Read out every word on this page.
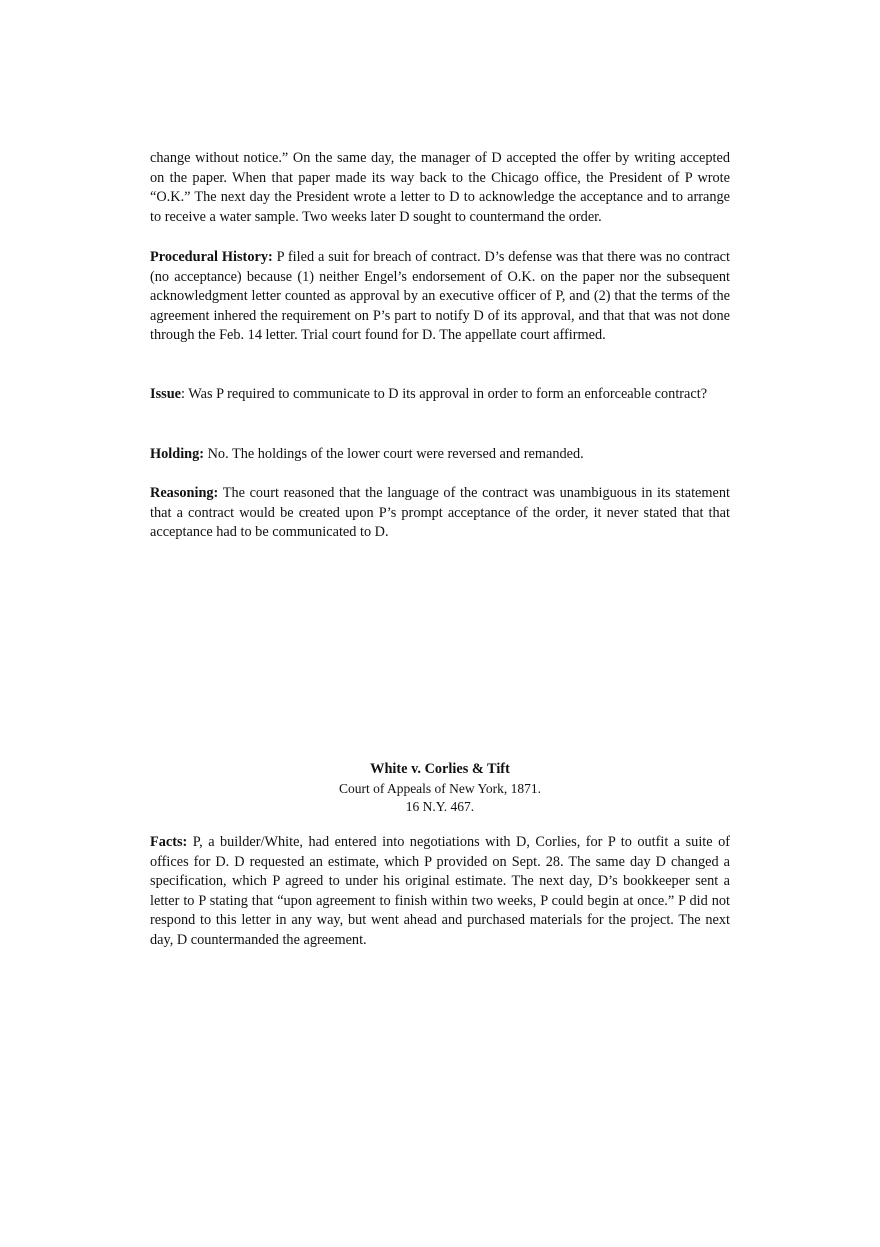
change without notice.” On the same day, the manager of D accepted the offer by writing accepted on the paper. When that paper made its way back to the Chicago office, the President of P wrote “O.K.” The next day the President wrote a letter to D to acknowledge the acceptance and to arrange to receive a water sample. Two weeks later D sought to countermand the order.

Procedural History: P filed a suit for breach of contract. D’s defense was that there was no contract (no acceptance) because (1) neither Engel’s endorsement of O.K. on the paper nor the subsequent acknowledgment letter counted as approval by an executive officer of P, and (2) that the terms of the agreement inhered the requirement on P’s part to notify D of its approval, and that that was not done through the Feb. 14 letter. Trial court found for D. The appellate court affirmed.

Issue: Was P required to communicate to D its approval in order to form an enforceable contract?

Holding: No. The holdings of the lower court were reversed and remanded.

Reasoning: The court reasoned that the language of the contract was unambiguous in its statement that a contract would be created upon P’s prompt acceptance of the order, it never stated that that acceptance had to be communicated to D.

White v. Corlies & Tift
Court of Appeals of New York, 1871.
16 N.Y. 467.

Facts: P, a builder/White, had entered into negotiations with D, Corlies, for P to outfit a suite of offices for D. D requested an estimate, which P provided on Sept. 28. The same day D changed a specification, which P agreed to under his original estimate. The next day, D’s bookkeeper sent a letter to P stating that “upon agreement to finish within two weeks, P could begin at once.” P did not respond to this letter in any way, but went ahead and purchased materials for the project. The next day, D countermanded the agreement.
